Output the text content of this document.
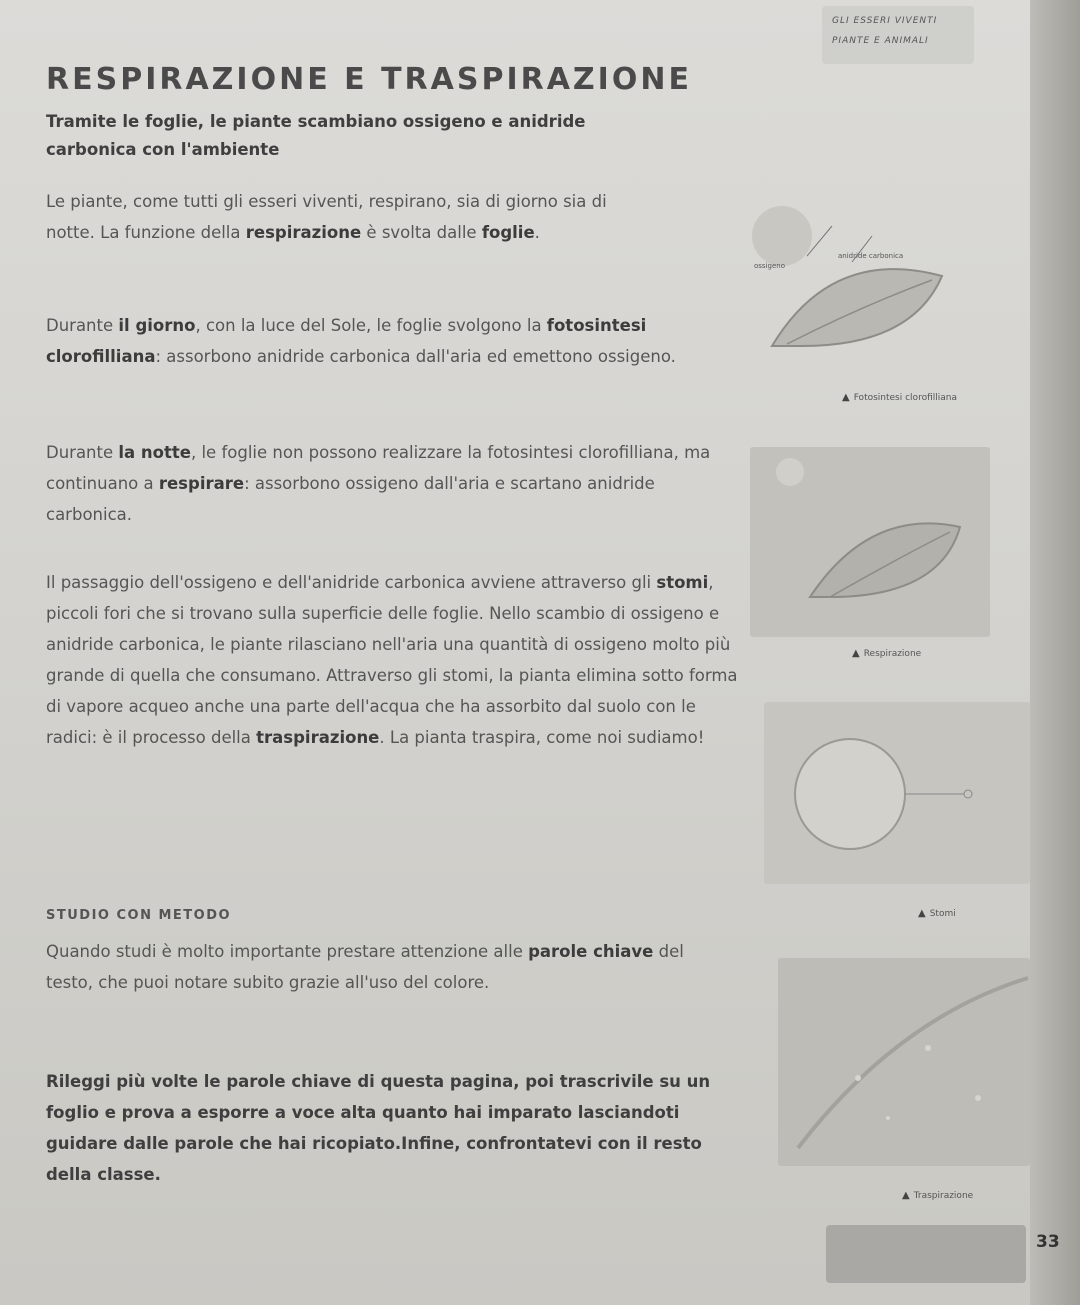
GLI ESSERI VIVENTI
PIANTE E ANIMALI
RESPIRAZIONE E TRASPIRAZIONE
Tramite le foglie, le piante scambiano ossigeno e anidride carbonica con l'ambiente
Le piante, come tutti gli esseri viventi, respirano, sia di giorno sia di notte. La funzione della respirazione è svolta dalle foglie.
Durante il giorno, con la luce del Sole, le foglie svolgono la fotosintesi clorofilliana: assorbono anidride carbonica dall'aria ed emettono ossigeno.
Durante la notte, le foglie non possono realizzare la fotosintesi clorofilliana, ma continuano a respirare: assorbono ossigeno dall'aria e scartano anidride carbonica.
Il passaggio dell'ossigeno e dell'anidride carbonica avviene attraverso gli stomi, piccoli fori che si trovano sulla superficie delle foglie. Nello scambio di ossigeno e anidride carbonica, le piante rilasciano nell'aria una quantità di ossigeno molto più grande di quella che consumano. Attraverso gli stomi, la pianta elimina sotto forma di vapore acqueo anche una parte dell'acqua che ha assorbito dal suolo con le radici: è il processo della traspirazione. La pianta traspira, come noi sudiamo!
STUDIO CON METODO
Quando studi è molto importante prestare attenzione alle parole chiave del testo, che puoi notare subito grazie all'uso del colore.
Rileggi più volte le parole chiave di questa pagina, poi trascrivile su un foglio e prova a esporre a voce alta quanto hai imparato lasciandoti guidare dalle parole che hai ricopiato.Infine, confrontatevi con il resto della classe.
anidride carbonica
ossigeno
▲ Fotosintesi clorofilliana
▲ Respirazione
▲ Stomi
▲ Traspirazione
33
